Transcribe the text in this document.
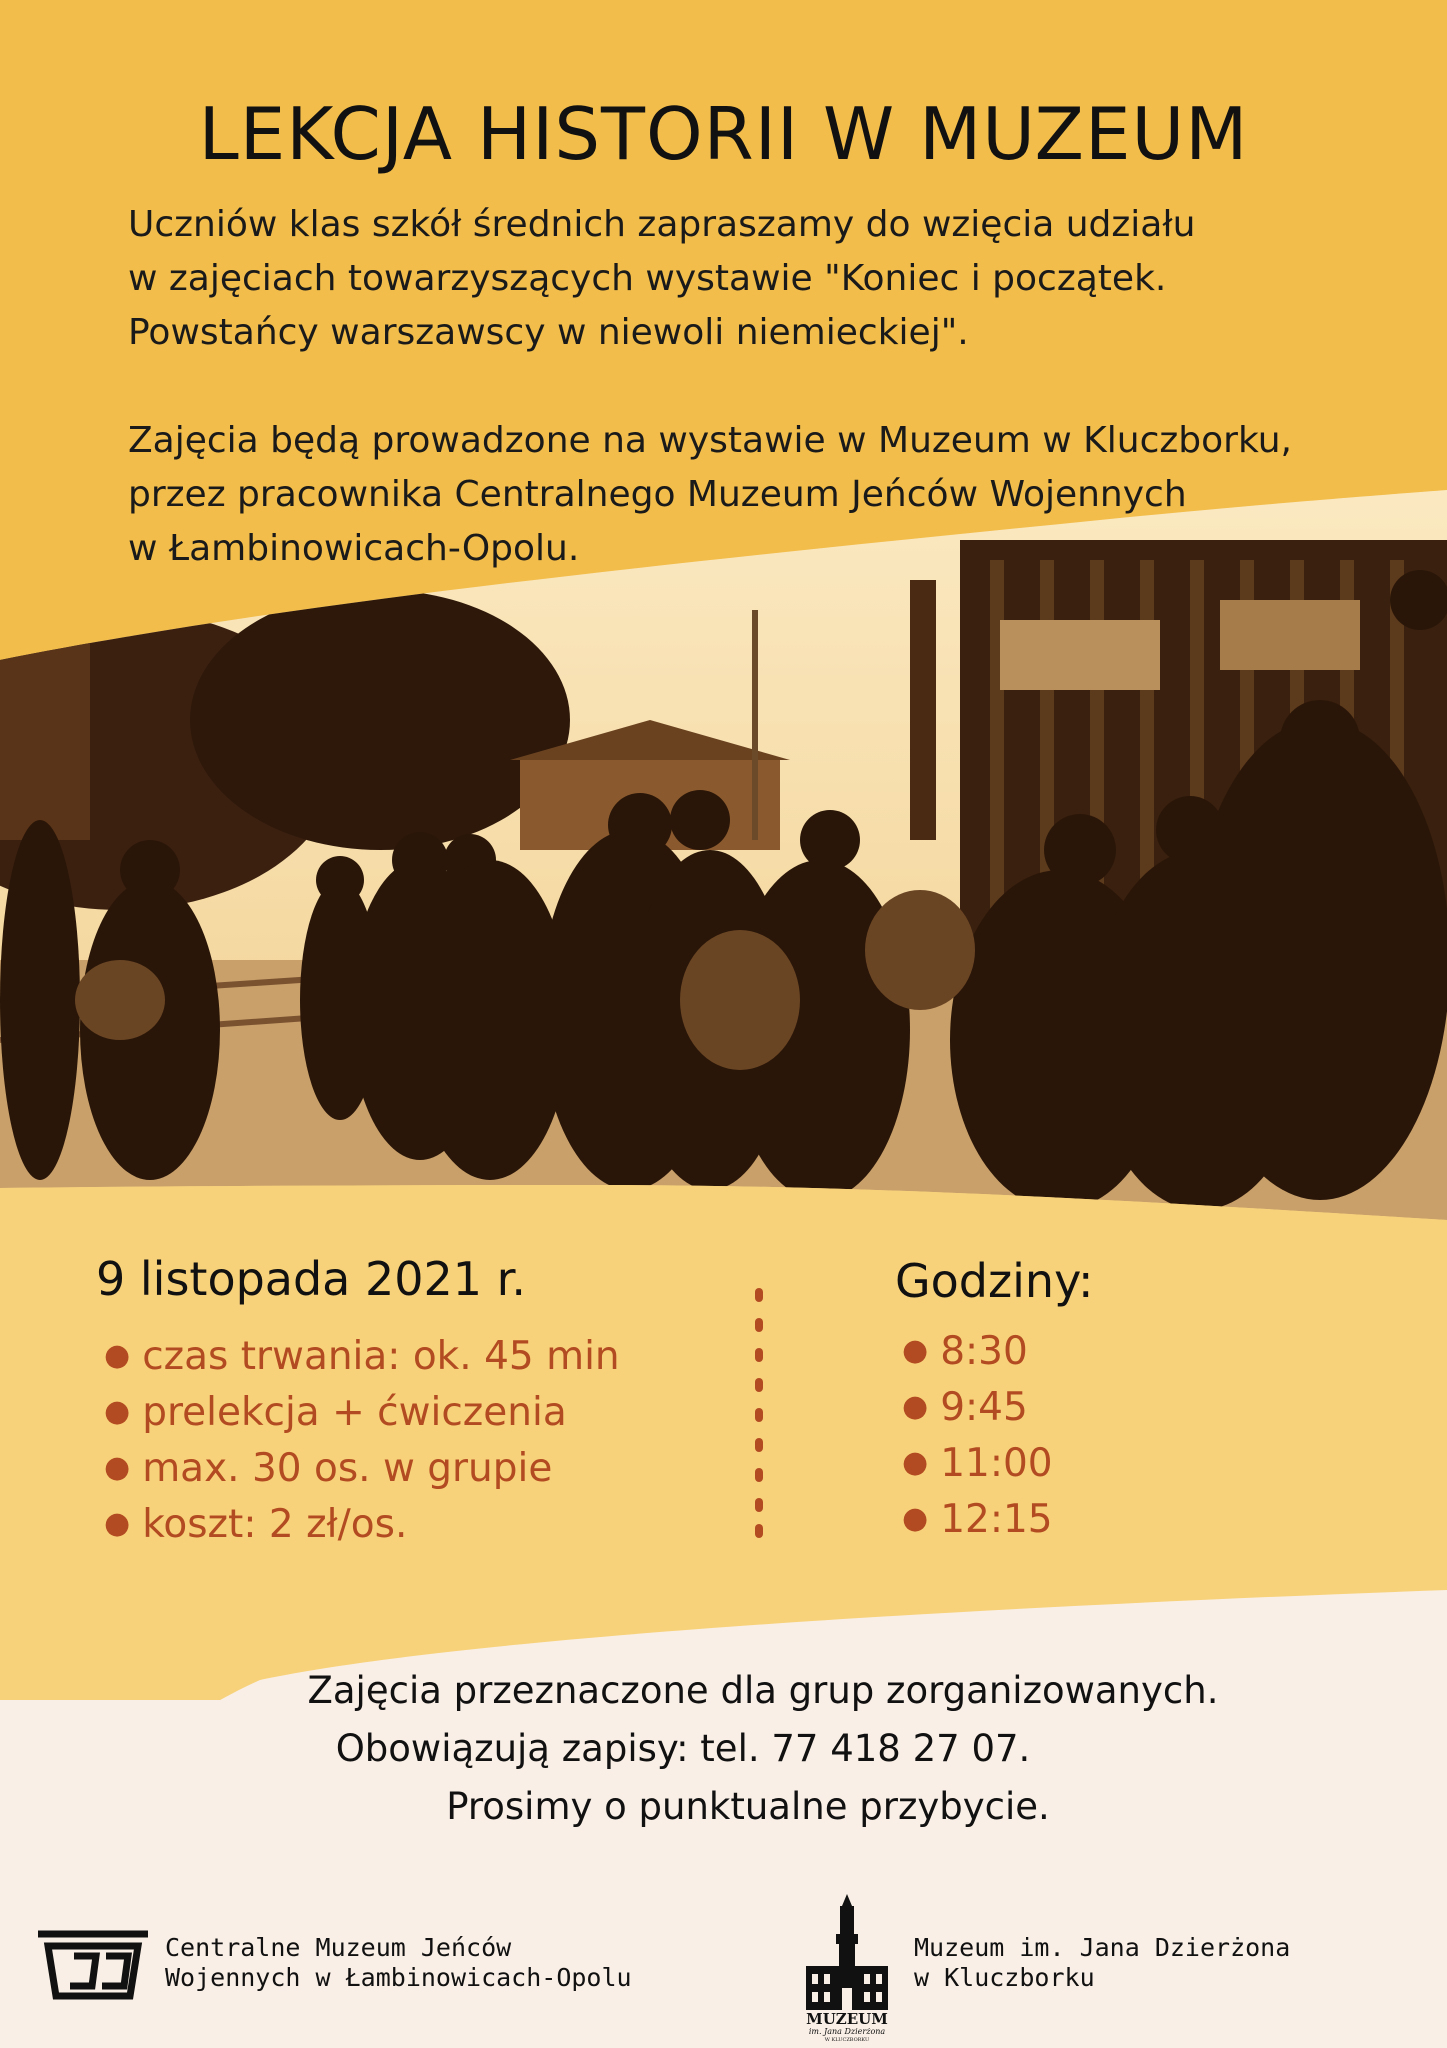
LEKCJA HISTORII W MUZEUM

Uczniów klas szkół średnich zapraszamy do wzięcia udziału
w zajęciach towarzyszących wystawie "Koniec i początek.
Powstańcy warszawscy w niewoli niemieckiej".

Zajęcia będą prowadzone na wystawie w Muzeum w Kluczborku,
przez pracownika Centralnego Muzeum Jeńców Wojennych
w Łambinowicach-Opolu.

9 listopada 2021 r.
● czas trwania: ok. 45 min
● prelekcja + ćwiczenia
● max. 30 os. w grupie
● koszt: 2 zł/os.
Godziny:
● 8:30
● 9:45
● 11:00
● 12:15
Zajęcia przeznaczone dla grup zorganizowanych.
Obowiązują zapisy: tel. 77 418 27 07.
Prosimy o punktualne przybycie.
Centralne Muzeum Jeńców
Wojennych w Łambinowicach-Opolu
MUZEUM
im. Jana Dzierżona
W KLUCZBORKU
Muzeum im. Jana Dzierżona
w Kluczborku
